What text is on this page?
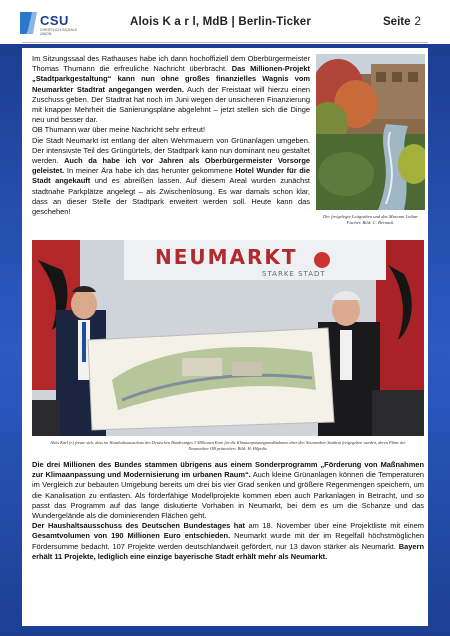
CSU
CHRISTLICH-SOZIALE UNION
Alois K a r l, MdB | Berlin-Ticker	Seite 2

Im Sitzungssaal des Rathauses habe ich dann hochoffiziell dem Oberbürgermeister Thomas Thumann die erfreuliche Nachricht überbracht. Das Millionen-Projekt „Stadtparkgestaltung“ kann nun ohne großes finanzielles Wagnis vom Neumarkter Stadtrat angegangen werden. Auch der Freistaat will hierzu einen Zuschuss geben. Der Stadtrat hat noch im Juni wegen der unsicheren Finanzierung mit knapper Mehrheit die Sanierungspläne abgelehnt – jetzt stellen sich die Dinge neu und besser dar.

OB Thumann war über meine Nachricht sehr erfreut!

Die Stadt Neumarkt ist entlang der alten Wehrmauern von Grünanlagen umgeben. Der intensivste Teil des Grüngürtels, der Stadtpark kann nun dominant neu gestaltet werden. Auch da habe ich vor Jahren als Oberbürgermeister Vorsorge geleistet. In meiner Ära habe ich das herunter gekommene Hotel Wunder für die Stadt angekauft und es abreißen lassen. Auf diesem Areal wurden zunächst stadtnahe Parkplätze angelegt – als Zwischenlösung. Es war damals schon klar, dass an dieser Stelle der Stadtpark erweitert werden soll. Heute kann das geschehen!

Der freigelegte Leitgraben und das Museum Lothar Fischer. Bild: C. Bernack.
NEUMARKT
STARKE STADT
Alois Karl (r.) freute sich, dass im Haushaltsausschuss des Deutschen Bundestages 3 Millionen Euro für die Klimaanpassungsmaßnahmen über den Neumarkter Stadtrat freigegeben wurden, deren Pläne der Neumarkter OB präsentiert. Bild: H. Hilpoltz.

Die drei Millionen des Bundes stammen übrigens aus einem Sonderprogramm „Förderung von Maßnahmen zur Klimaanpassung und Modernisierung im urbanen Raum“. Auch kleine Grünanlagen können die Temperaturen im Vergleich zur bebauten Umgebung bereits um drei bis vier Grad senken und größere Regenmengen speichern, um die Kanalisation zu entlasten. Als förderfähige Modellprojekte kommen eben auch Parkanlagen in Betracht, und so passt das Programm auf das lange diskutierte Vorhaben in Neumarkt, bei dem es um die Schanze und das Wundergelände als die dominierenden Flächen geht.

Der Haushaltsausschuss des Deutschen Bundestages hat am 18. November über eine Projektliste mit einem Gesamtvolumen von 190 Millionen Euro entschieden. Neumarkt wurde mit der im Regelfall höchstmöglichen Fördersumme bedacht. 107 Projekte werden deutschlandweit gefördert, nur 13 davon stärker als Neumarkt. Bayern erhält 11 Projekte, lediglich eine einzige bayerische Stadt erhält mehr als Neumarkt.
